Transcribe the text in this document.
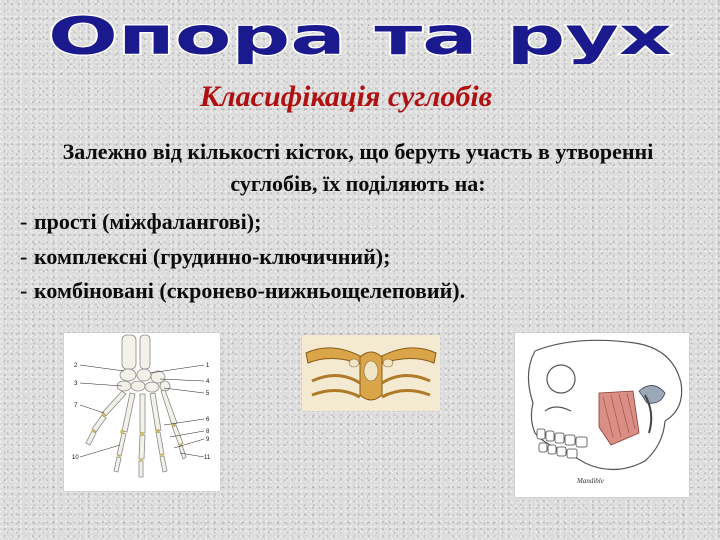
Опора та рух
Класифікація суглобів
Залежно від кількості кісток, що беруть участь в утворенні суглобів, їх поділяють на:
- прості (міжфалангові);
- комплексні (грудинно-ключичний);
- комбіновані (скронево-нижньощелеповий).
2
3
7
10
1
4
5
6
8
9
11
Mandible
